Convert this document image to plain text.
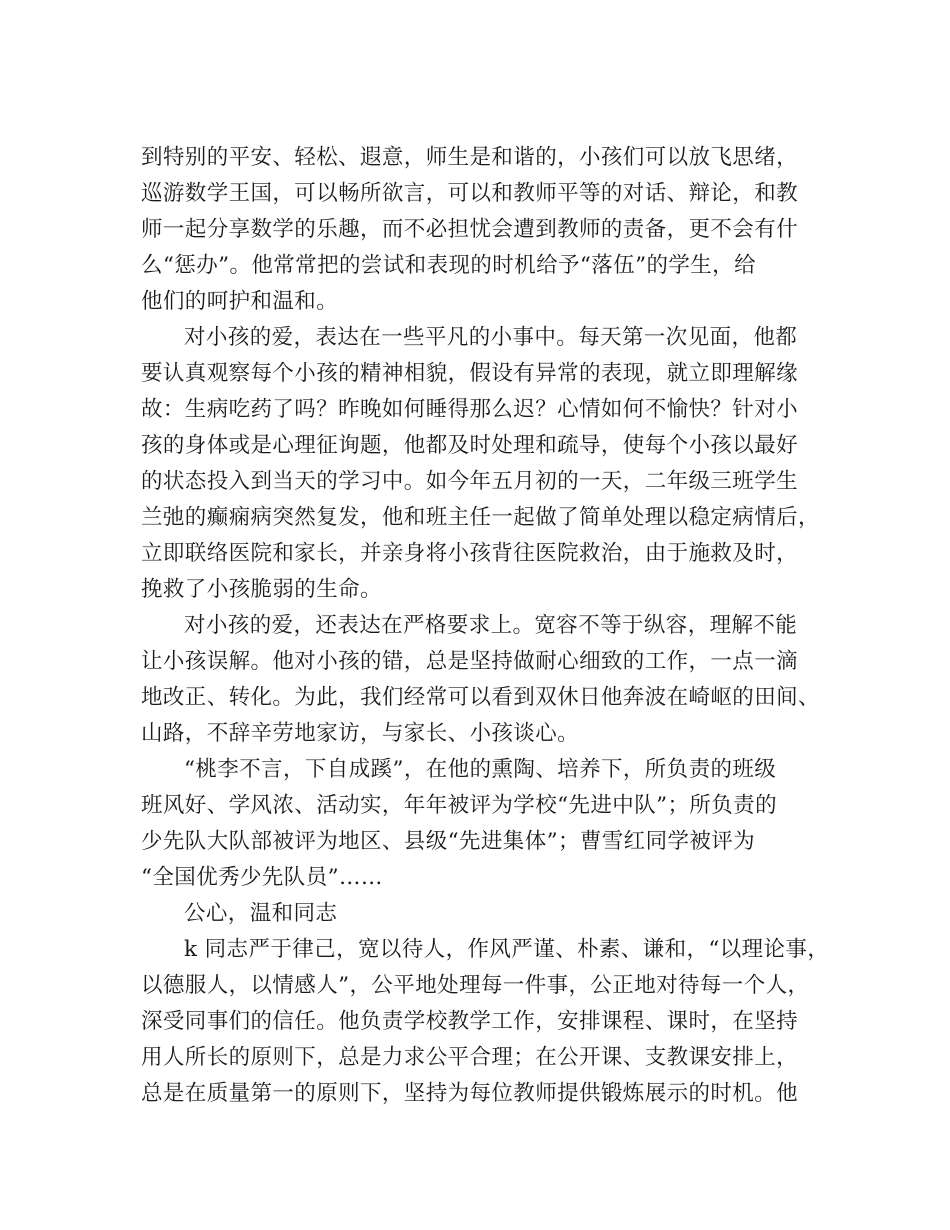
到特别的平安、轻松、遐意，师生是和谐的，小孩们可以放飞思绪，
巡游数学王国，可以畅所欲言，可以和教师平等的对话、辩论，和教
师一起分享数学的乐趣，而不必担忧会遭到教师的责备，更不会有什
么“惩办”。他常常把的尝试和表现的时机给予“落伍”的学生，给
他们的呵护和温和。
对小孩的爱，表达在一些平凡的小事中。每天第一次见面，他都
要认真观察每个小孩的精神相貌，假设有异常的表现，就立即理解缘
故：生病吃药了吗？昨晚如何睡得那么迟？心情如何不愉快？针对小
孩的身体或是心理征询题，他都及时处理和疏导，使每个小孩以最好
的状态投入到当天的学习中。如今年五月初的一天，二年级三班学生
兰弛的癫痫病突然复发，他和班主任一起做了简单处理以稳定病情后，
立即联络医院和家长，并亲身将小孩背往医院救治，由于施救及时，
挽救了小孩脆弱的生命。
对小孩的爱，还表达在严格要求上。宽容不等于纵容，理解不能
让小孩误解。他对小孩的错，总是坚持做耐心细致的工作，一点一滴
地改正、转化。为此，我们经常可以看到双休日他奔波在崎岖的田间、
山路，不辞辛劳地家访，与家长、小孩谈心。
“桃李不言，下自成蹊”，在他的熏陶、培养下，所负责的班级
班风好、学风浓、活动实，年年被评为学校“先进中队”；所负责的
少先队大队部被评为地区、县级“先进集体”；曹雪红同学被评为
“全国优秀少先队员”……
公心，温和同志
k 同志严于律己，宽以待人，作风严谨、朴素、谦和，“以理论事，
以德服人，以情感人”，公平地处理每一件事，公正地对待每一个人，
深受同事们的信任。他负责学校教学工作，安排课程、课时，在坚持
用人所长的原则下，总是力求公平合理；在公开课、支教课安排上，
总是在质量第一的原则下，坚持为每位教师提供锻炼展示的时机。他
